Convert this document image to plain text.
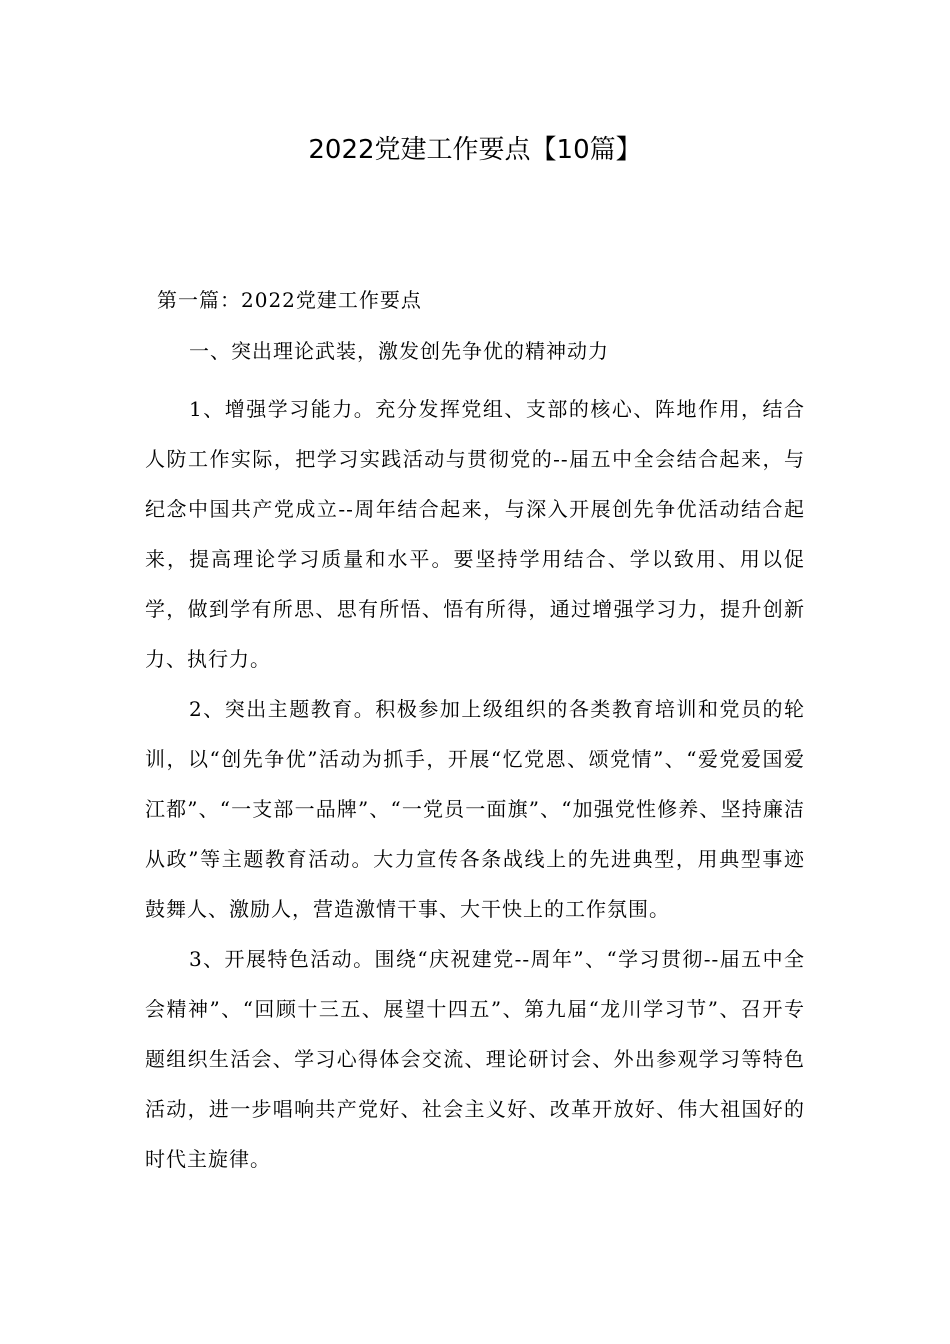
2022党建工作要点【10篇】

第一篇：2022党建工作要点

一、突出理论武装，激发创先争优的精神动力

1、增强学习能力。充分发挥党组、支部的核心、阵地作用，结合人防工作实际，把学习实践活动与贯彻党的--届五中全会结合起来，与纪念中国共产党成立--周年结合起来，与深入开展创先争优活动结合起来，提高理论学习质量和水平。要坚持学用结合、学以致用、用以促学，做到学有所思、思有所悟、悟有所得，通过增强学习力，提升创新力、执行力。

2、突出主题教育。积极参加上级组织的各类教育培训和党员的轮训，以“创先争优”活动为抓手，开展“忆党恩、颂党情”、“爱党爱国爱江都”、“一支部一品牌”、“一党员一面旗”、“加强党性修养、坚持廉洁从政”等主题教育活动。大力宣传各条战线上的先进典型，用典型事迹鼓舞人、激励人，营造激情干事、大干快上的工作氛围。

3、开展特色活动。围绕“庆祝建党--周年”、“学习贯彻--届五中全会精神”、“回顾十三五、展望十四五”、第九届“龙川学习节”、召开专题组织生活会、学习心得体会交流、理论研讨会、外出参观学习等特色活动，进一步唱响共产党好、社会主义好、改革开放好、伟大祖国好的时代主旋律。
